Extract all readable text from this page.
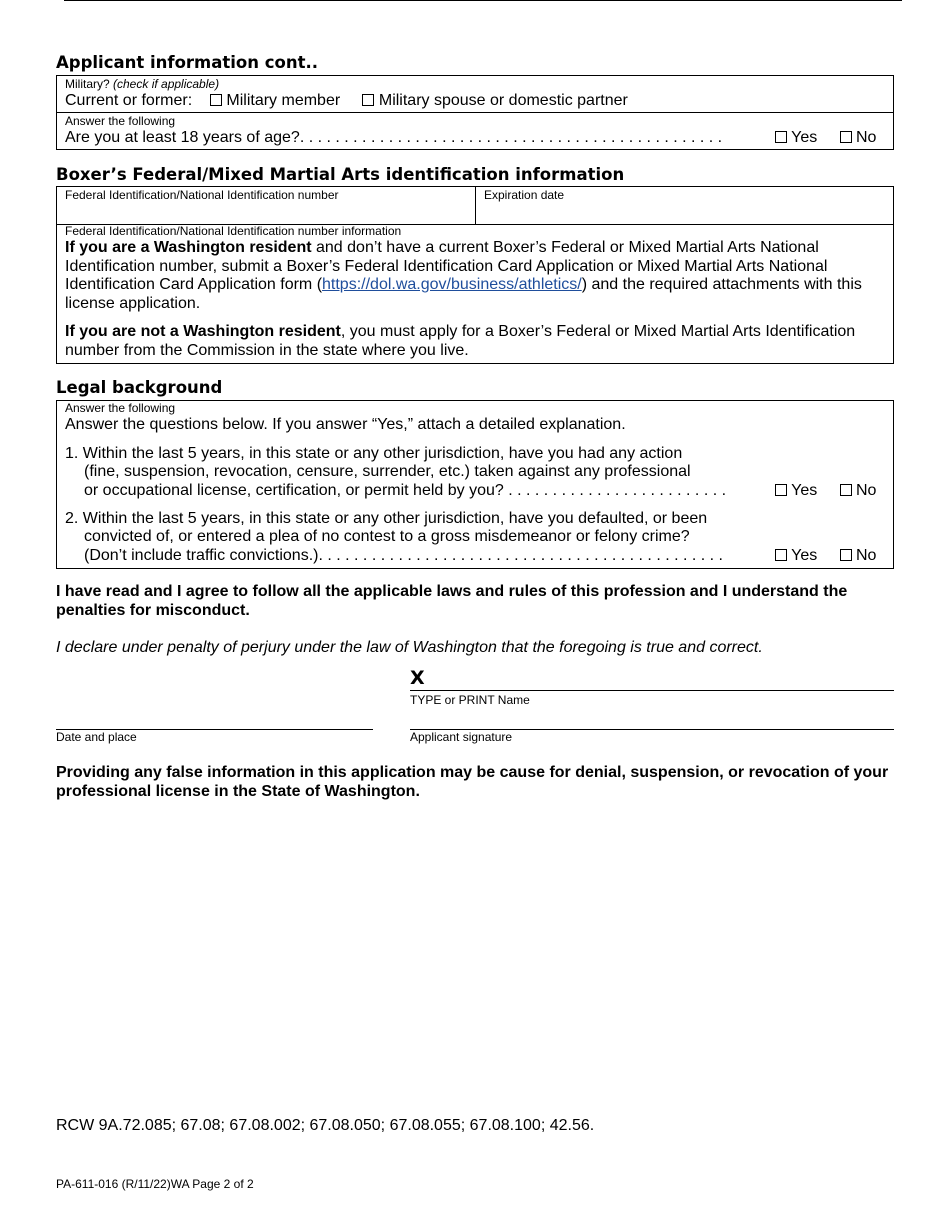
Applicant information cont..
Military? (check if applicable)
Current or former: Military member Military spouse or domestic partner
Answer the following
Are you at least 18 years of age?. . . . . . . . . . . . . . . . . . . . . . . . . . . . . . . . . . . . . . . . . . . . . . . .	Yes No
Boxer’s Federal/Mixed Martial Arts identification information
Federal Identification/National Identification number	Expiration date
Federal Identification/National Identification number information
If you are a Washington resident and don’t have a current Boxer’s Federal or Mixed Martial Arts National Identification number, submit a Boxer’s Federal Identification Card Application or Mixed Martial Arts National Identification Card Application form (https://dol.wa.gov/business/athletics/) and the required attachments with this license application.
If you are not a Washington resident, you must apply for a Boxer’s Federal or Mixed Martial Arts Identification number from the Commission in the state where you live.
Legal background
Answer the following
Answer the questions below. If you answer “Yes,” attach a detailed explanation.
1. Within the last 5 years, in this state or any other jurisdiction, have you had any action
(fine, suspension, revocation, censure, surrender, etc.) taken against any professional
or occupational license, certification, or permit held by you? . . . . . . . . . . . . . . . . . . . . . . . . .	Yes No
2. Within the last 5 years, in this state or any other jurisdiction, have you defaulted, or been
convicted of, or entered a plea of no contest to a gross misdemeanor or felony crime?
(Don’t include traffic convictions.). . . . . . . . . . . . . . . . . . . . . . . . . . . . . . . . . . . . . . . . . . . . . .	Yes No
I have read and I agree to follow all the applicable laws and rules of this profession and I understand the penalties for misconduct.
I declare under penalty of perjury under the law of Washington that the foregoing is true and correct.
X
TYPE or PRINT Name
Date and place	Applicant signature
Providing any false information in this application may be cause for denial, suspension, or revocation of your professional license in the State of Washington.
RCW 9A.72.085; 67.08; 67.08.002; 67.08.050; 67.08.055; 67.08.100; 42.56.
PA-611-016 (R/11/22)WA Page 2 of 2
